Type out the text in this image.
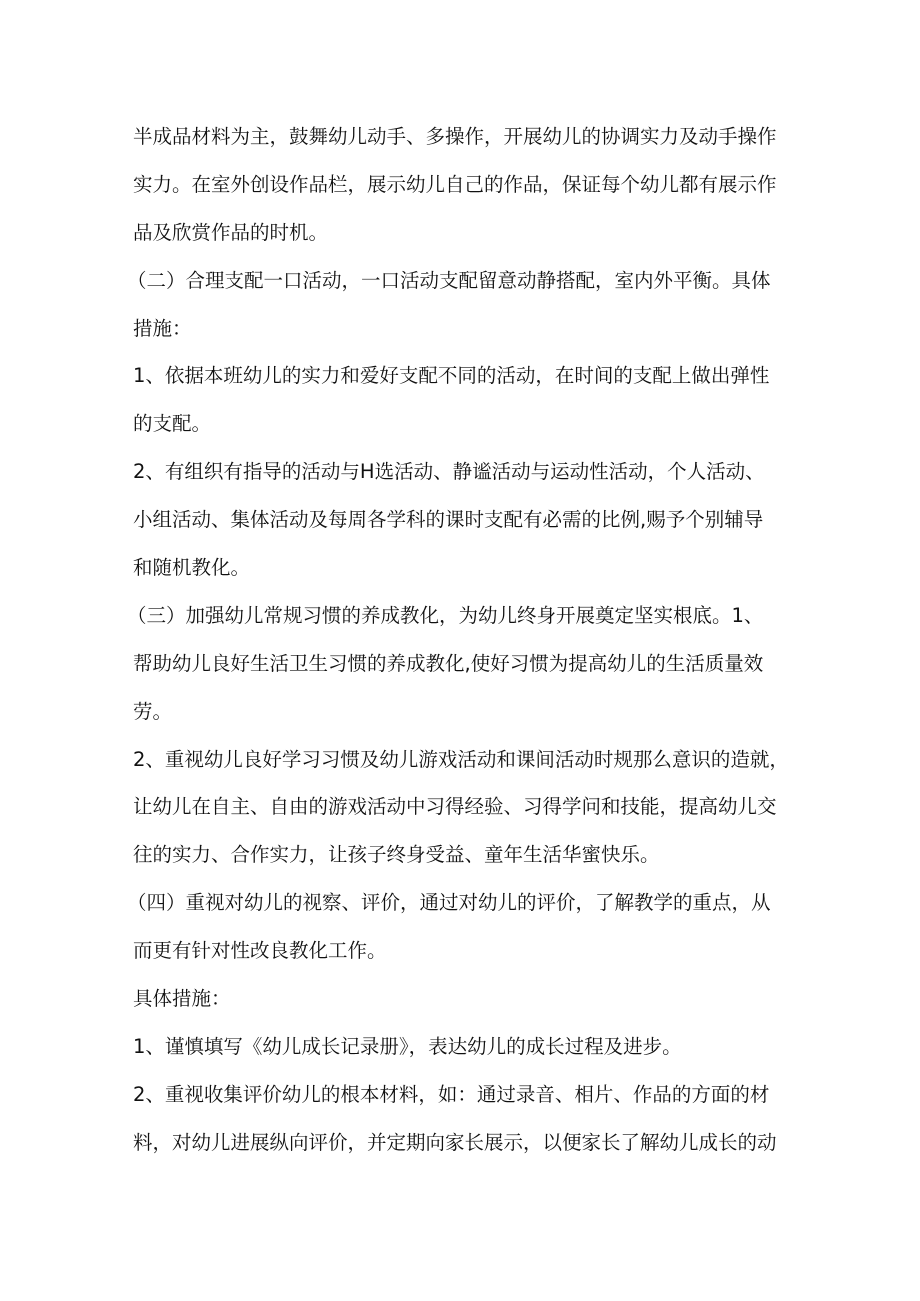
半成品材料为主，鼓舞幼儿动手、多操作，开展幼儿的协调实力及动手操作
实力。在室外创设作品栏，展示幼儿自己的作品，保证每个幼儿都有展示作
品及欣赏作品的时机。
（二）合理支配一口活动，一口活动支配留意动静搭配，室内外平衡。具体
措施：
1、依据本班幼儿的实力和爱好支配不同的活动，在时间的支配上做出弹性
的支配。
2、有组织有指导的活动与H选活动、静谧活动与运动性活动，个人活动、
小组活动、集体活动及每周各学科的课时支配有必需的比例,赐予个别辅导
和随机教化。
（三）加强幼儿常规习惯的养成教化，为幼儿终身开展奠定坚实根底。1、
帮助幼儿良好生活卫生习惯的养成教化,使好习惯为提高幼儿的生活质量效
劳。
2、重视幼儿良好学习习惯及幼儿游戏活动和课间活动时规那么意识的造就，
让幼儿在自主、自由的游戏活动中习得经验、习得学问和技能，提高幼儿交
往的实力、合作实力，让孩子终身受益、童年生活华蜜快乐。
（四）重视对幼儿的视察、评价，通过对幼儿的评价，了解教学的重点，从
而更有针对性改良教化工作。
具体措施：
1、谨慎填写《幼儿成长记录册》，表达幼儿的成长过程及进步。
2、重视收集评价幼儿的根本材料，如：通过录音、相片、作品的方面的材
料，对幼儿进展纵向评价，并定期向家长展示，以便家长了解幼儿成长的动
